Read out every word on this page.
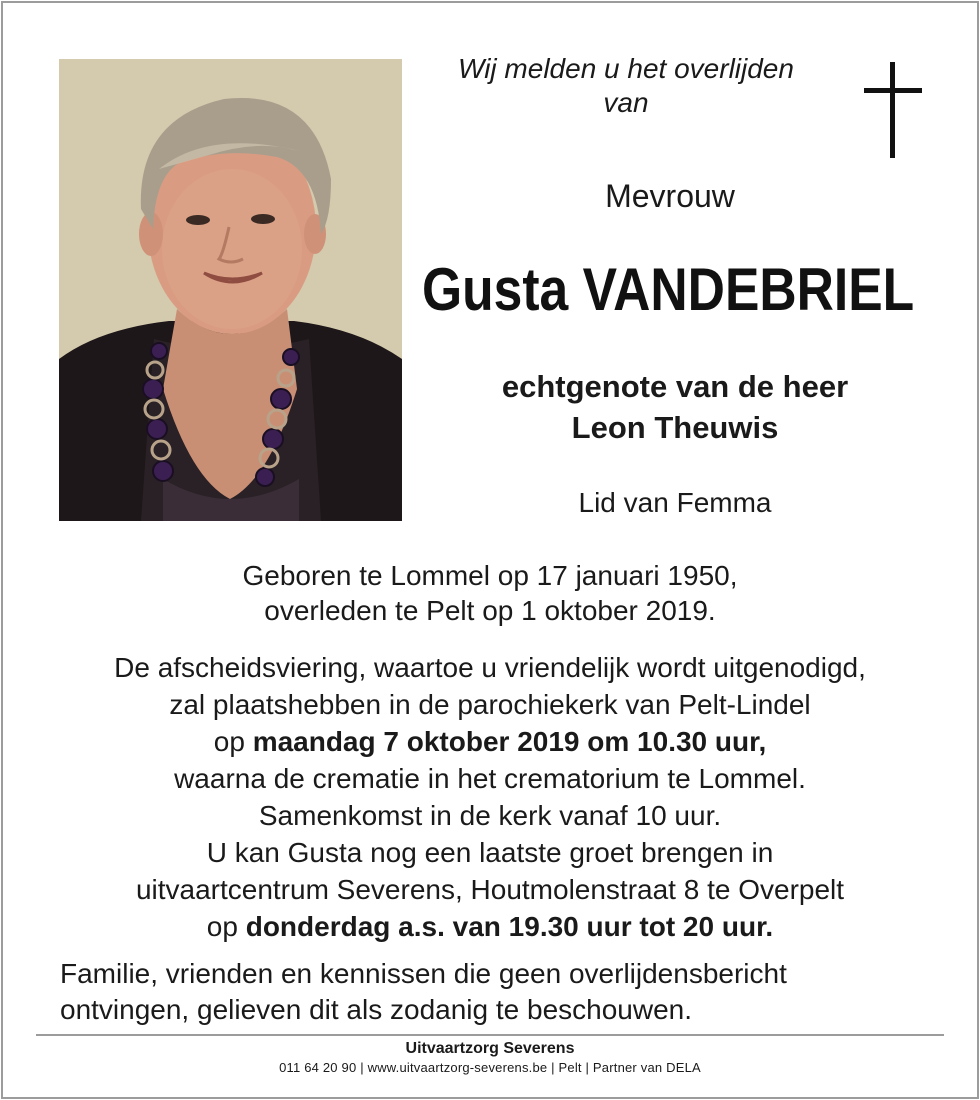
Wij melden u het overlijden
van
Mevrouw
Gusta VANDEBRIEL
echtgenote van de heer
Leon Theuwis
Lid van Femma
Geboren te Lommel op 17 januari 1950,
overleden te Pelt op 1 oktober 2019.
De afscheidsviering, waartoe u vriendelijk wordt uitgenodigd,
zal plaatshebben in de parochiekerk van Pelt-Lindel
op maandag 7 oktober 2019 om 10.30 uur,
waarna de crematie in het crematorium te Lommel.
Samenkomst in de kerk vanaf 10 uur.
U kan Gusta nog een laatste groet brengen in
uitvaartcentrum Severens, Houtmolenstraat 8 te Overpelt
op donderdag a.s. van 19.30 uur tot 20 uur.
Familie, vrienden en kennissen die geen overlijdensbericht
ontvingen, gelieven dit als zodanig te beschouwen.
Uitvaartzorg Severens
011 64 20 90 | www.uitvaartzorg-severens.be | Pelt | Partner van DELA
